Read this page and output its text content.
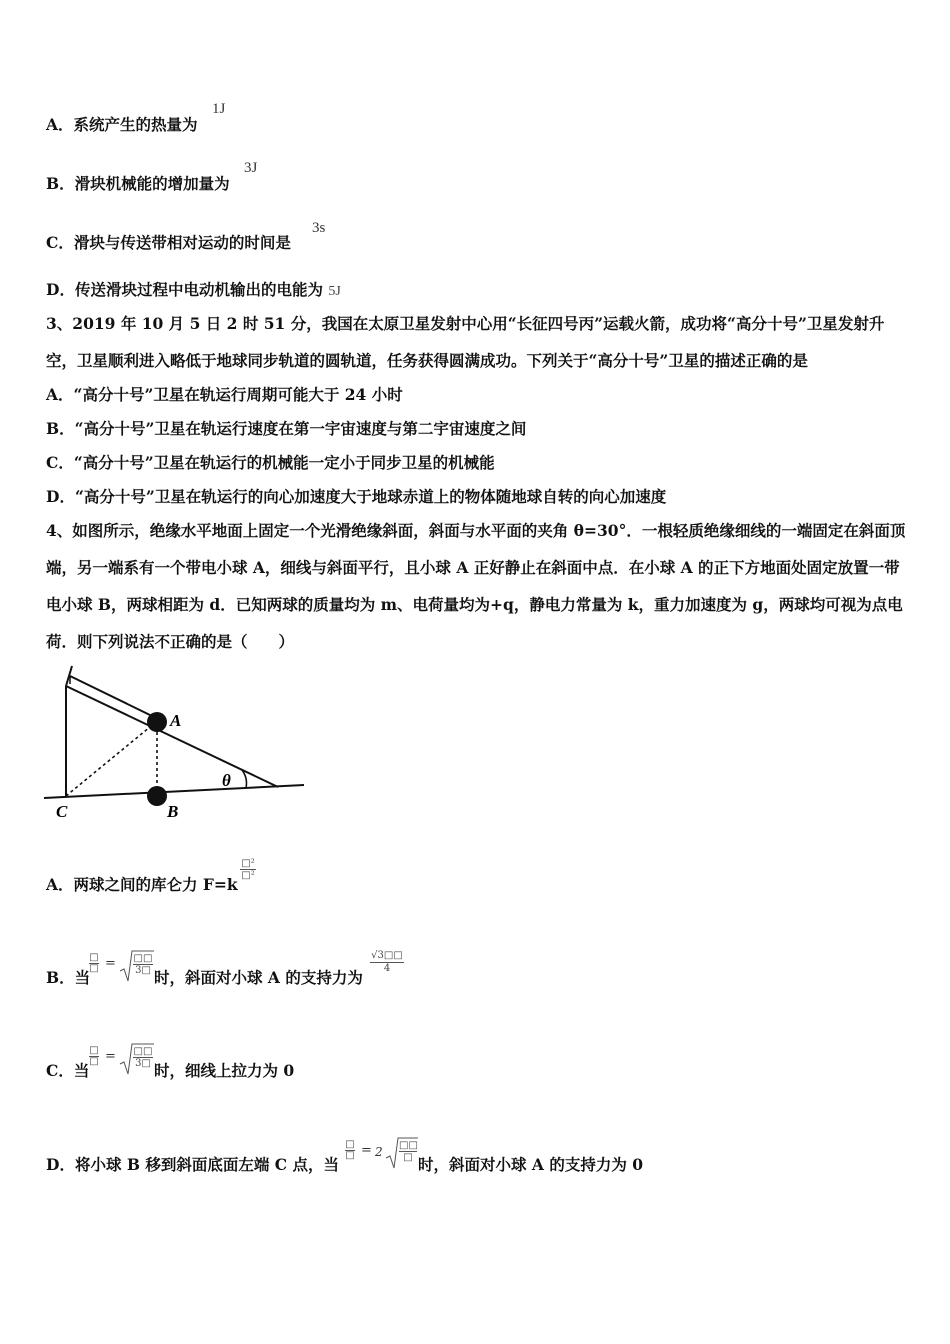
A．系统产生的热量为
1J
B．滑块机械能的增加量为
3J
C．滑块与传送带相对运动的时间是
3s
D．传送滑块过程中电动机输出的电能为 5J
3、2019 年 10 月 5 日 2 时 51 分，我国在太原卫星发射中心用“长征四号丙”运载火箭，成功将“高分十号”卫星发射升空，卫星顺利进入略低于地球同步轨道的圆轨道，任务获得圆满成功。下列关于“高分十号”卫星的描述正确的是
A．“高分十号”卫星在轨运行周期可能大于 24 小时
B．“高分十号”卫星在轨运行速度在第一宇宙速度与第二宇宙速度之间
C．“高分十号”卫星在轨运行的机械能一定小于同步卫星的机械能
D．“高分十号”卫星在轨运行的向心加速度大于地球赤道上的物体随地球自转的向心加速度
4、如图所示，绝缘水平地面上固定一个光滑绝缘斜面，斜面与水平面的夹角 θ=30°．一根轻质绝缘细线的一端固定在斜面顶端，另一端系有一个带电小球 A，细线与斜面平行，且小球 A 正好静止在斜面中点．在小球 A 的正下方地面处固定放置一带电小球 B，两球相距为 d．已知两球的质量均为 m、电荷量均为+q，静电力常量为 k，重力加速度为 g，两球均可视为点电荷．则下列说法不正确的是（　　）
A
B
C
θ
A．两球之间的库仑力 F=k
□²
□²
B．当
□
□ = □□
3□ 时，斜面对小球 A 的支持力为
$\frac{√3□□}{4}$
C．当
□
□ = □□
3□ 时，细线上拉力为 0
D．将小球 B 移到斜面底面左端 C 点，当
□
□ = 2 □□
□ 时，斜面对小球 A 的支持力为 0
